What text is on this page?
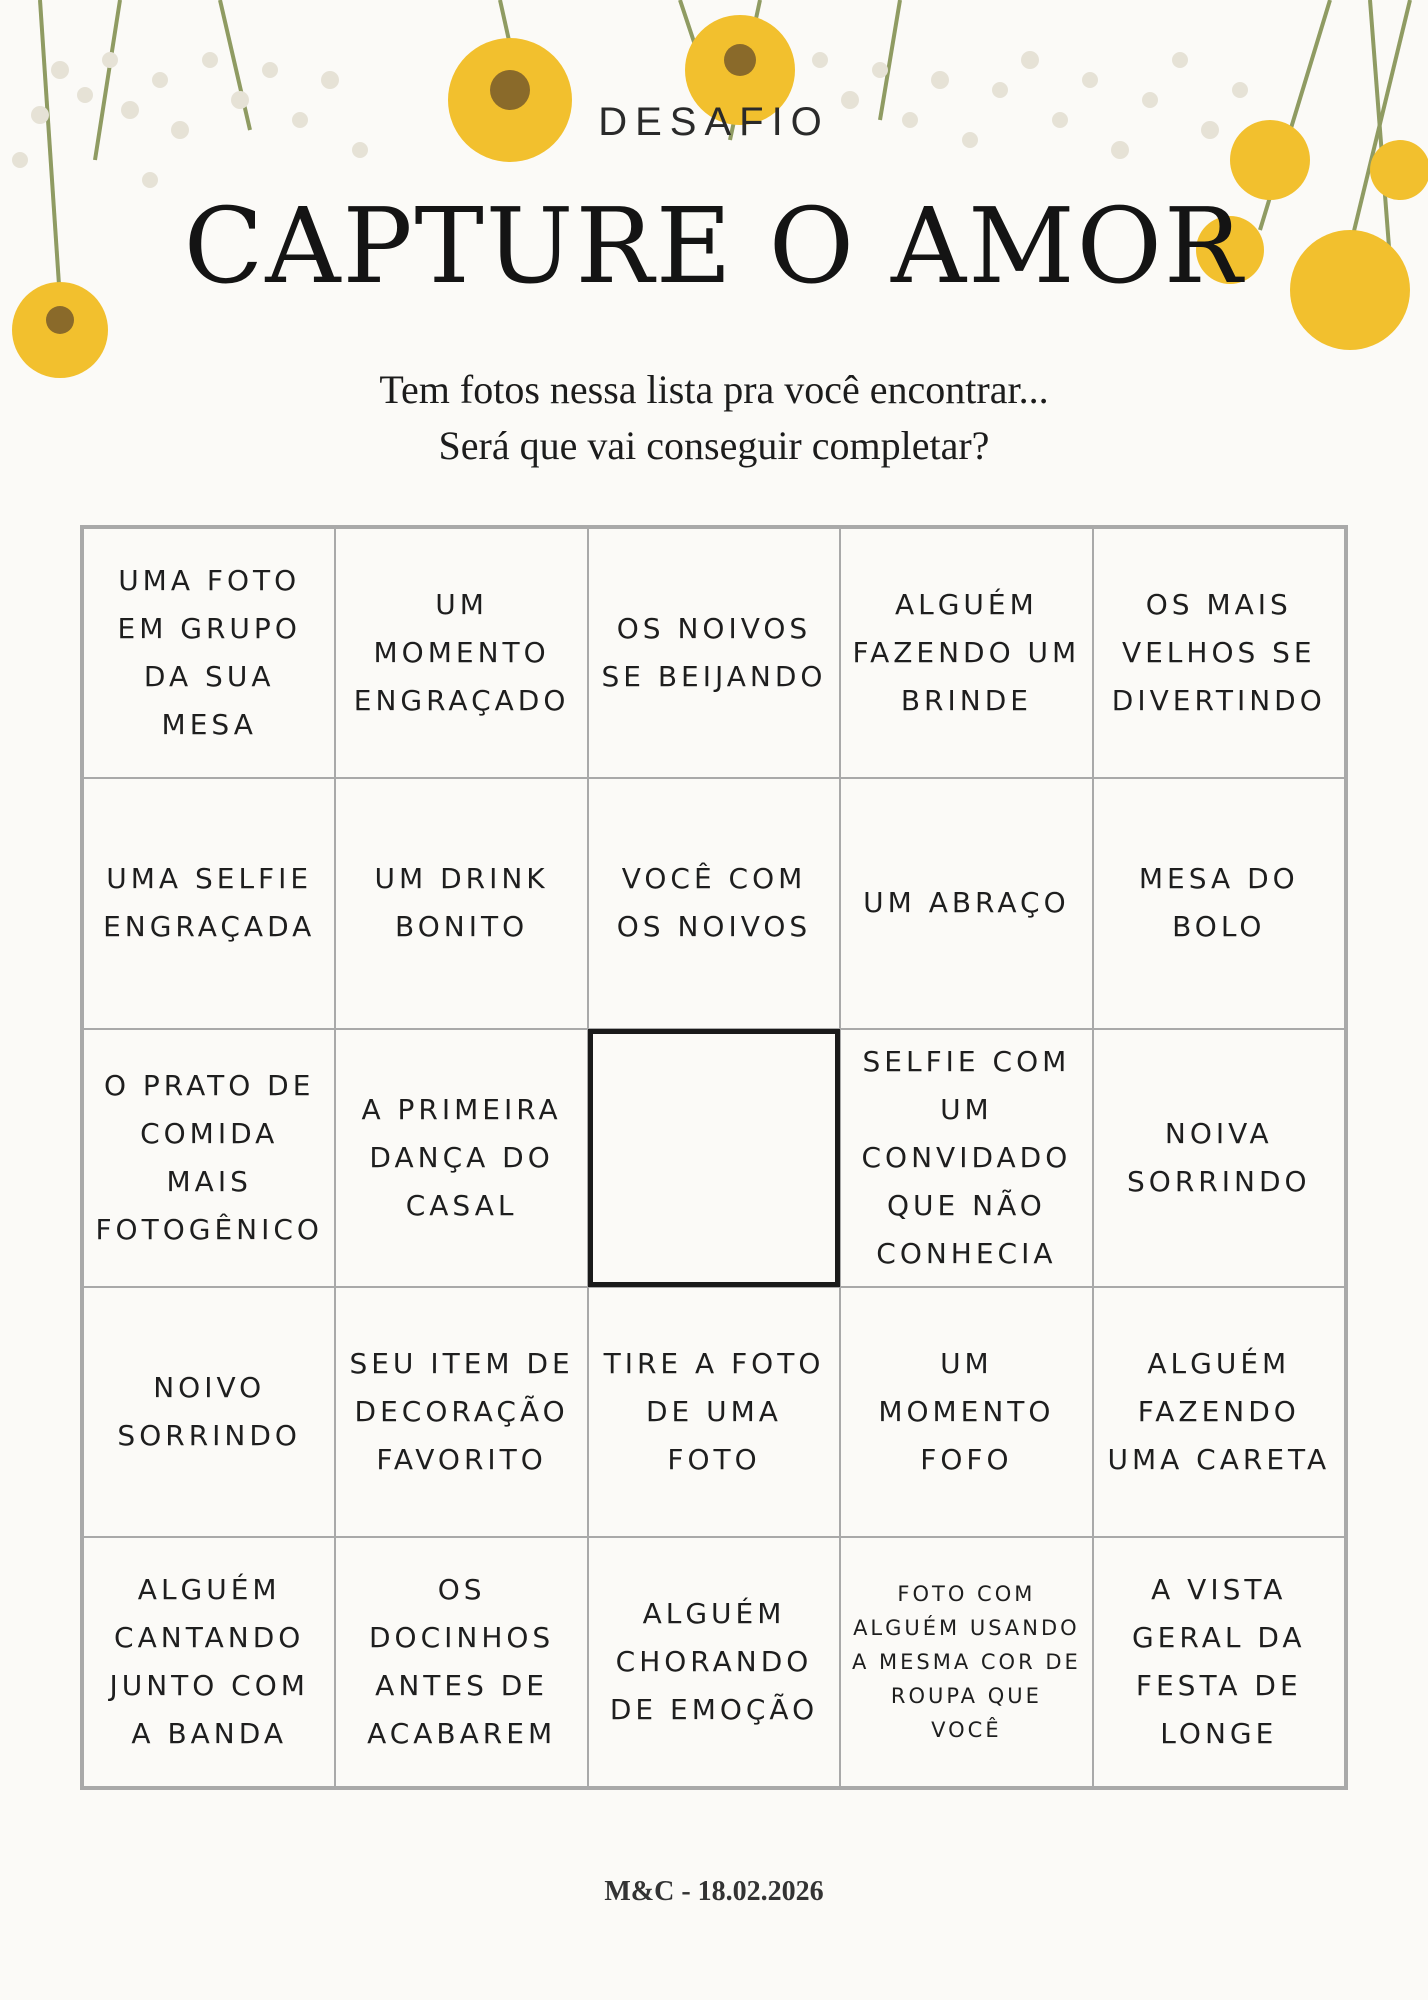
DESAFIO
CAPTURE O AMOR
Tem fotos nessa lista pra você encontrar...
Será que vai conseguir completar?
UMA FOTO EM GRUPO DA SUA MESA
UM MOMENTO ENGRAÇADO
OS NOIVOS SE BEIJANDO
ALGUÉM FAZENDO UM BRINDE
OS MAIS VELHOS SE DIVERTINDO
UMA SELFIE ENGRAÇADA
UM DRINK BONITO
VOCÊ COM OS NOIVOS
UM ABRAÇO
MESA DO BOLO
O PRATO DE COMIDA MAIS FOTOGÊNICO
A PRIMEIRA DANÇA DO CASAL
SELFIE COM UM CONVIDADO QUE NÃO CONHECIA
NOIVA SORRINDO
NOIVO SORRINDO
SEU ITEM DE DECORAÇÃO FAVORITO
TIRE A FOTO DE UMA FOTO
UM MOMENTO FOFO
ALGUÉM FAZENDO UMA CARETA
ALGUÉM CANTANDO JUNTO COM A BANDA
OS DOCINHOS ANTES DE ACABAREM
ALGUÉM CHORANDO DE EMOÇÃO
FOTO COM ALGUÉM USANDO A MESMA COR DE ROUPA QUE VOCÊ
A VISTA GERAL DA FESTA DE LONGE
M&C - 18.02.2026
